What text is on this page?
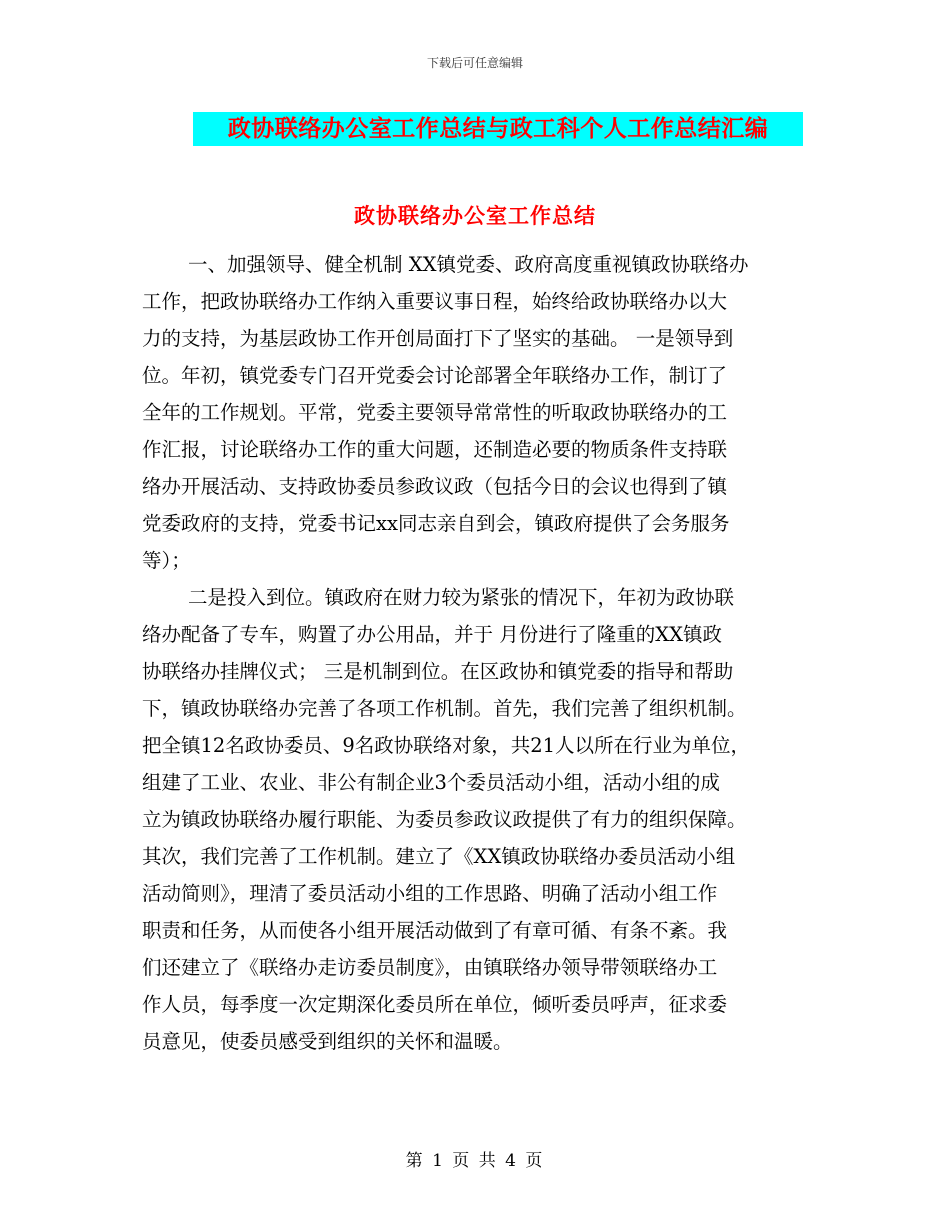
下载后可任意编辑
政协联络办公室工作总结与政工科个人工作总结汇编
政协联络办公室工作总结
一、加强领导、健全机制 XX镇党委、政府高度重视镇政协联络办
工作，把政协联络办工作纳入重要议事日程，始终给政协联络办以大
力的支持，为基层政协工作开创局面打下了坚实的基础。 一是领导到
位。年初，镇党委专门召开党委会讨论部署全年联络办工作，制订了
全年的工作规划。平常，党委主要领导常常性的听取政协联络办的工
作汇报，讨论联络办工作的重大问题，还制造必要的物质条件支持联
络办开展活动、支持政协委员参政议政（包括今日的会议也得到了镇
党委政府的支持，党委书记xx同志亲自到会，镇政府提供了会务服务
等）；
二是投入到位。镇政府在财力较为紧张的情况下，年初为政协联
络办配备了专车，购置了办公用品，并于 月份进行了隆重的XX镇政
协联络办挂牌仪式； 三是机制到位。在区政协和镇党委的指导和帮助
下，镇政协联络办完善了各项工作机制。首先，我们完善了组织机制。
把全镇12名政协委员、9名政协联络对象，共21人以所在行业为单位，
组建了工业、农业、非公有制企业3个委员活动小组，活动小组的成
立为镇政协联络办履行职能、为委员参政议政提供了有力的组织保障。
其次，我们完善了工作机制。建立了《XX镇政协联络办委员活动小组
活动简则》，理清了委员活动小组的工作思路、明确了活动小组工作
职责和任务，从而使各小组开展活动做到了有章可循、有条不紊。我
们还建立了《联络办走访委员制度》，由镇联络办领导带领联络办工
作人员，每季度一次定期深化委员所在单位，倾听委员呼声，征求委
员意见，使委员感受到组织的关怀和温暖。
第 1 页 共 4 页
